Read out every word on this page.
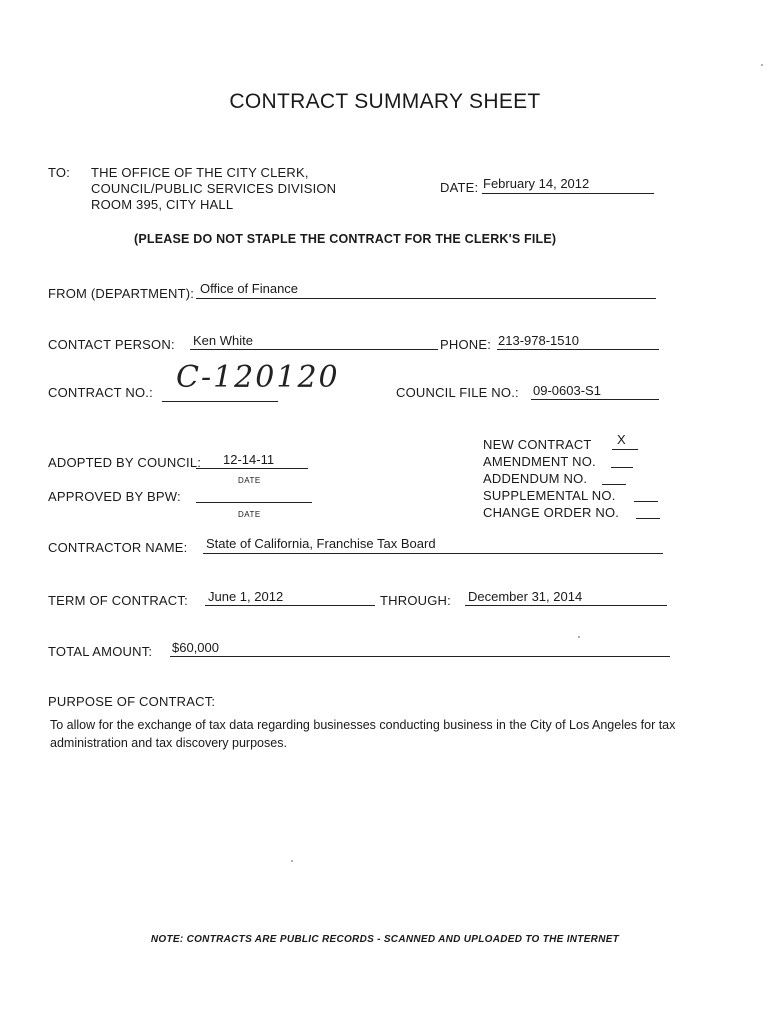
CONTRACT SUMMARY SHEET
TO: THE OFFICE OF THE CITY CLERK,
COUNCIL/PUBLIC SERVICES DIVISION
ROOM 395, CITY HALL
DATE: February 14, 2012
(PLEASE DO NOT STAPLE THE CONTRACT FOR THE CLERK'S FILE)
FROM (DEPARTMENT): Office of Finance
CONTACT PERSON: Ken White	PHONE: 213-978-1510
CONTRACT NO.: C-120120	COUNCIL FILE NO.: 09-0603-S1
ADOPTED BY COUNCIL: 12-14-11
DATE
APPROVED BY BPW:
DATE
NEW CONTRACT X
AMENDMENT NO.
ADDENDUM NO.
SUPPLEMENTAL NO.
CHANGE ORDER NO.
CONTRACTOR NAME: State of California, Franchise Tax Board
TERM OF CONTRACT: June 1, 2012	THROUGH: December 31, 2014
TOTAL AMOUNT: $60,000
PURPOSE OF CONTRACT:
To allow for the exchange of tax data regarding businesses conducting business in the City of Los Angeles for tax administration and tax discovery purposes.
NOTE: CONTRACTS ARE PUBLIC RECORDS - SCANNED AND UPLOADED TO THE INTERNET
